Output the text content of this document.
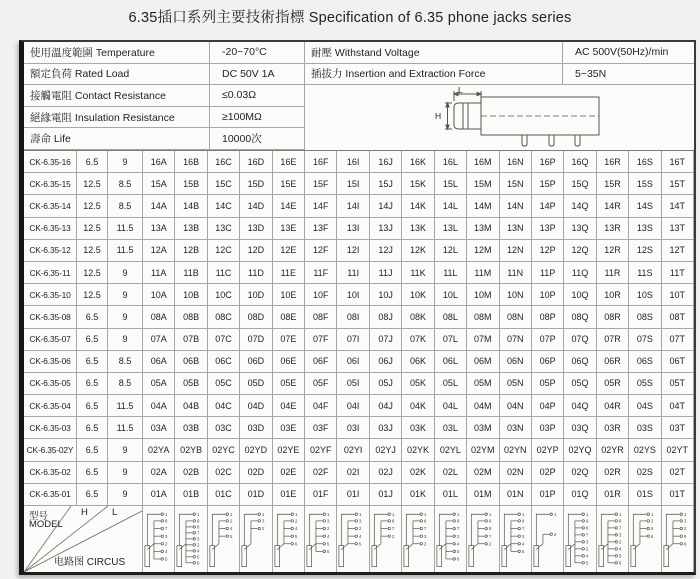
6.35插口系列主要技術指標 Specification of 6.35 phone jacks series
使用溫度範圍 Temperature	-20~70°C	耐壓 Withstand Voltage	AC 500V(50Hz)/min
額定負荷 Rated Load	DC 50V 1A	插拔力 Insertion and Extraction Force	5~35N
接觸電阻 Contact Resistance	≤0.03Ω
絕緣電阻 Insulation Resistance	≥100MΩ
壽命 Life	10000次
L
H
CK-6.35-16	6.5	9	16A	16B	16C	16D	16E	16F	16I	16J	16K	16L	16M	16N	16P	16Q	16R	16S	16T
CK-6.35-15	12.5	8.5	15A	15B	15C	15D	15E	15F	15I	15J	15K	15L	15M	15N	15P	15Q	15R	15S	15T
CK-6.35-14	12.5	8.5	14A	14B	14C	14D	14E	14F	14I	14J	14K	14L	14M	14N	14P	14Q	14R	14S	14T
CK-6.35-13	12.5	11.5	13A	13B	13C	13D	13E	13F	13I	13J	13K	13L	13M	13N	13P	13Q	13R	13S	13T
CK-6.35-12	12.5	11.5	12A	12B	12C	12D	12E	12F	12I	12J	12K	12L	12M	12N	12P	12Q	12R	12S	12T
CK-6.35-11	12.5	9	11A	11B	11C	11D	11E	11F	11I	11J	11K	11L	11M	11N	11P	11Q	11R	11S	11T
CK-6.35-10	12.5	9	10A	10B	10C	10D	10E	10F	10I	10J	10K	10L	10M	10N	10P	10Q	10R	10S	10T
CK-6.35-08	6.5	9	08A	08B	08C	08D	08E	08F	08I	08J	08K	08L	08M	08N	08P	08Q	08R	08S	08T
CK-6.35-07	6.5	9	07A	07B	07C	07D	07E	07F	07I	07J	07K	07L	07M	07N	07P	07Q	07R	07S	07T
CK-6.35-06	6.5	8.5	06A	06B	06C	06D	06E	06F	06I	06J	06K	06L	06M	06N	06P	06Q	06R	06S	06T
CK-6.35-05	6.5	8.5	05A	05B	05C	05D	05E	05F	05I	05J	05K	05L	05M	05N	05P	05Q	05R	05S	05T
CK-6.35-04	6.5	11.5	04A	04B	04C	04D	04E	04F	04I	04J	04K	04L	04M	04N	04P	04Q	04R	04S	04T
CK-6.35-03	6.5	11.5	03A	03B	03C	03D	03E	03F	03I	03J	03K	03L	03M	03N	03P	03Q	03R	03S	03T
CK-6.35-02Y	6.5	9	02YA	02YB	02YC	02YD	02YE	02YF	02YI	02YJ	02YK	02YL	02YM	02YN	02YP	02YQ	02YR	02YS	02YT
CK-6.35-02	6.5	9	02A	02B	02C	02D	02E	02F	02I	02J	02K	02L	02M	02N	02P	02Q	02R	02S	02T
CK-6.35-01	6.5	9	01A	01B	01C	01D	01E	01F	01I	01J	01K	01L	01M	01N	01P	01Q	01R	01S	01T
型号
MODEL
H	L
电路图 CIRCUS
1
8
7
3
2
4
5
1
9
8
7
3
2
4
5
6
1
2
4
5
1
3
2
1
2
4
5
6
1
3
2
4
5
6
1
3
2
4
5
1
8
7
2
1
8
7
3
2
1
8
7
2
4
5
6
1
9
8
7
2
1
8
7
2
4
5
1
2
1
9
8
7
3
2
4
5
1
8
7
3
2
4
5
6
1
2
5
6
1
3
2
5
6
